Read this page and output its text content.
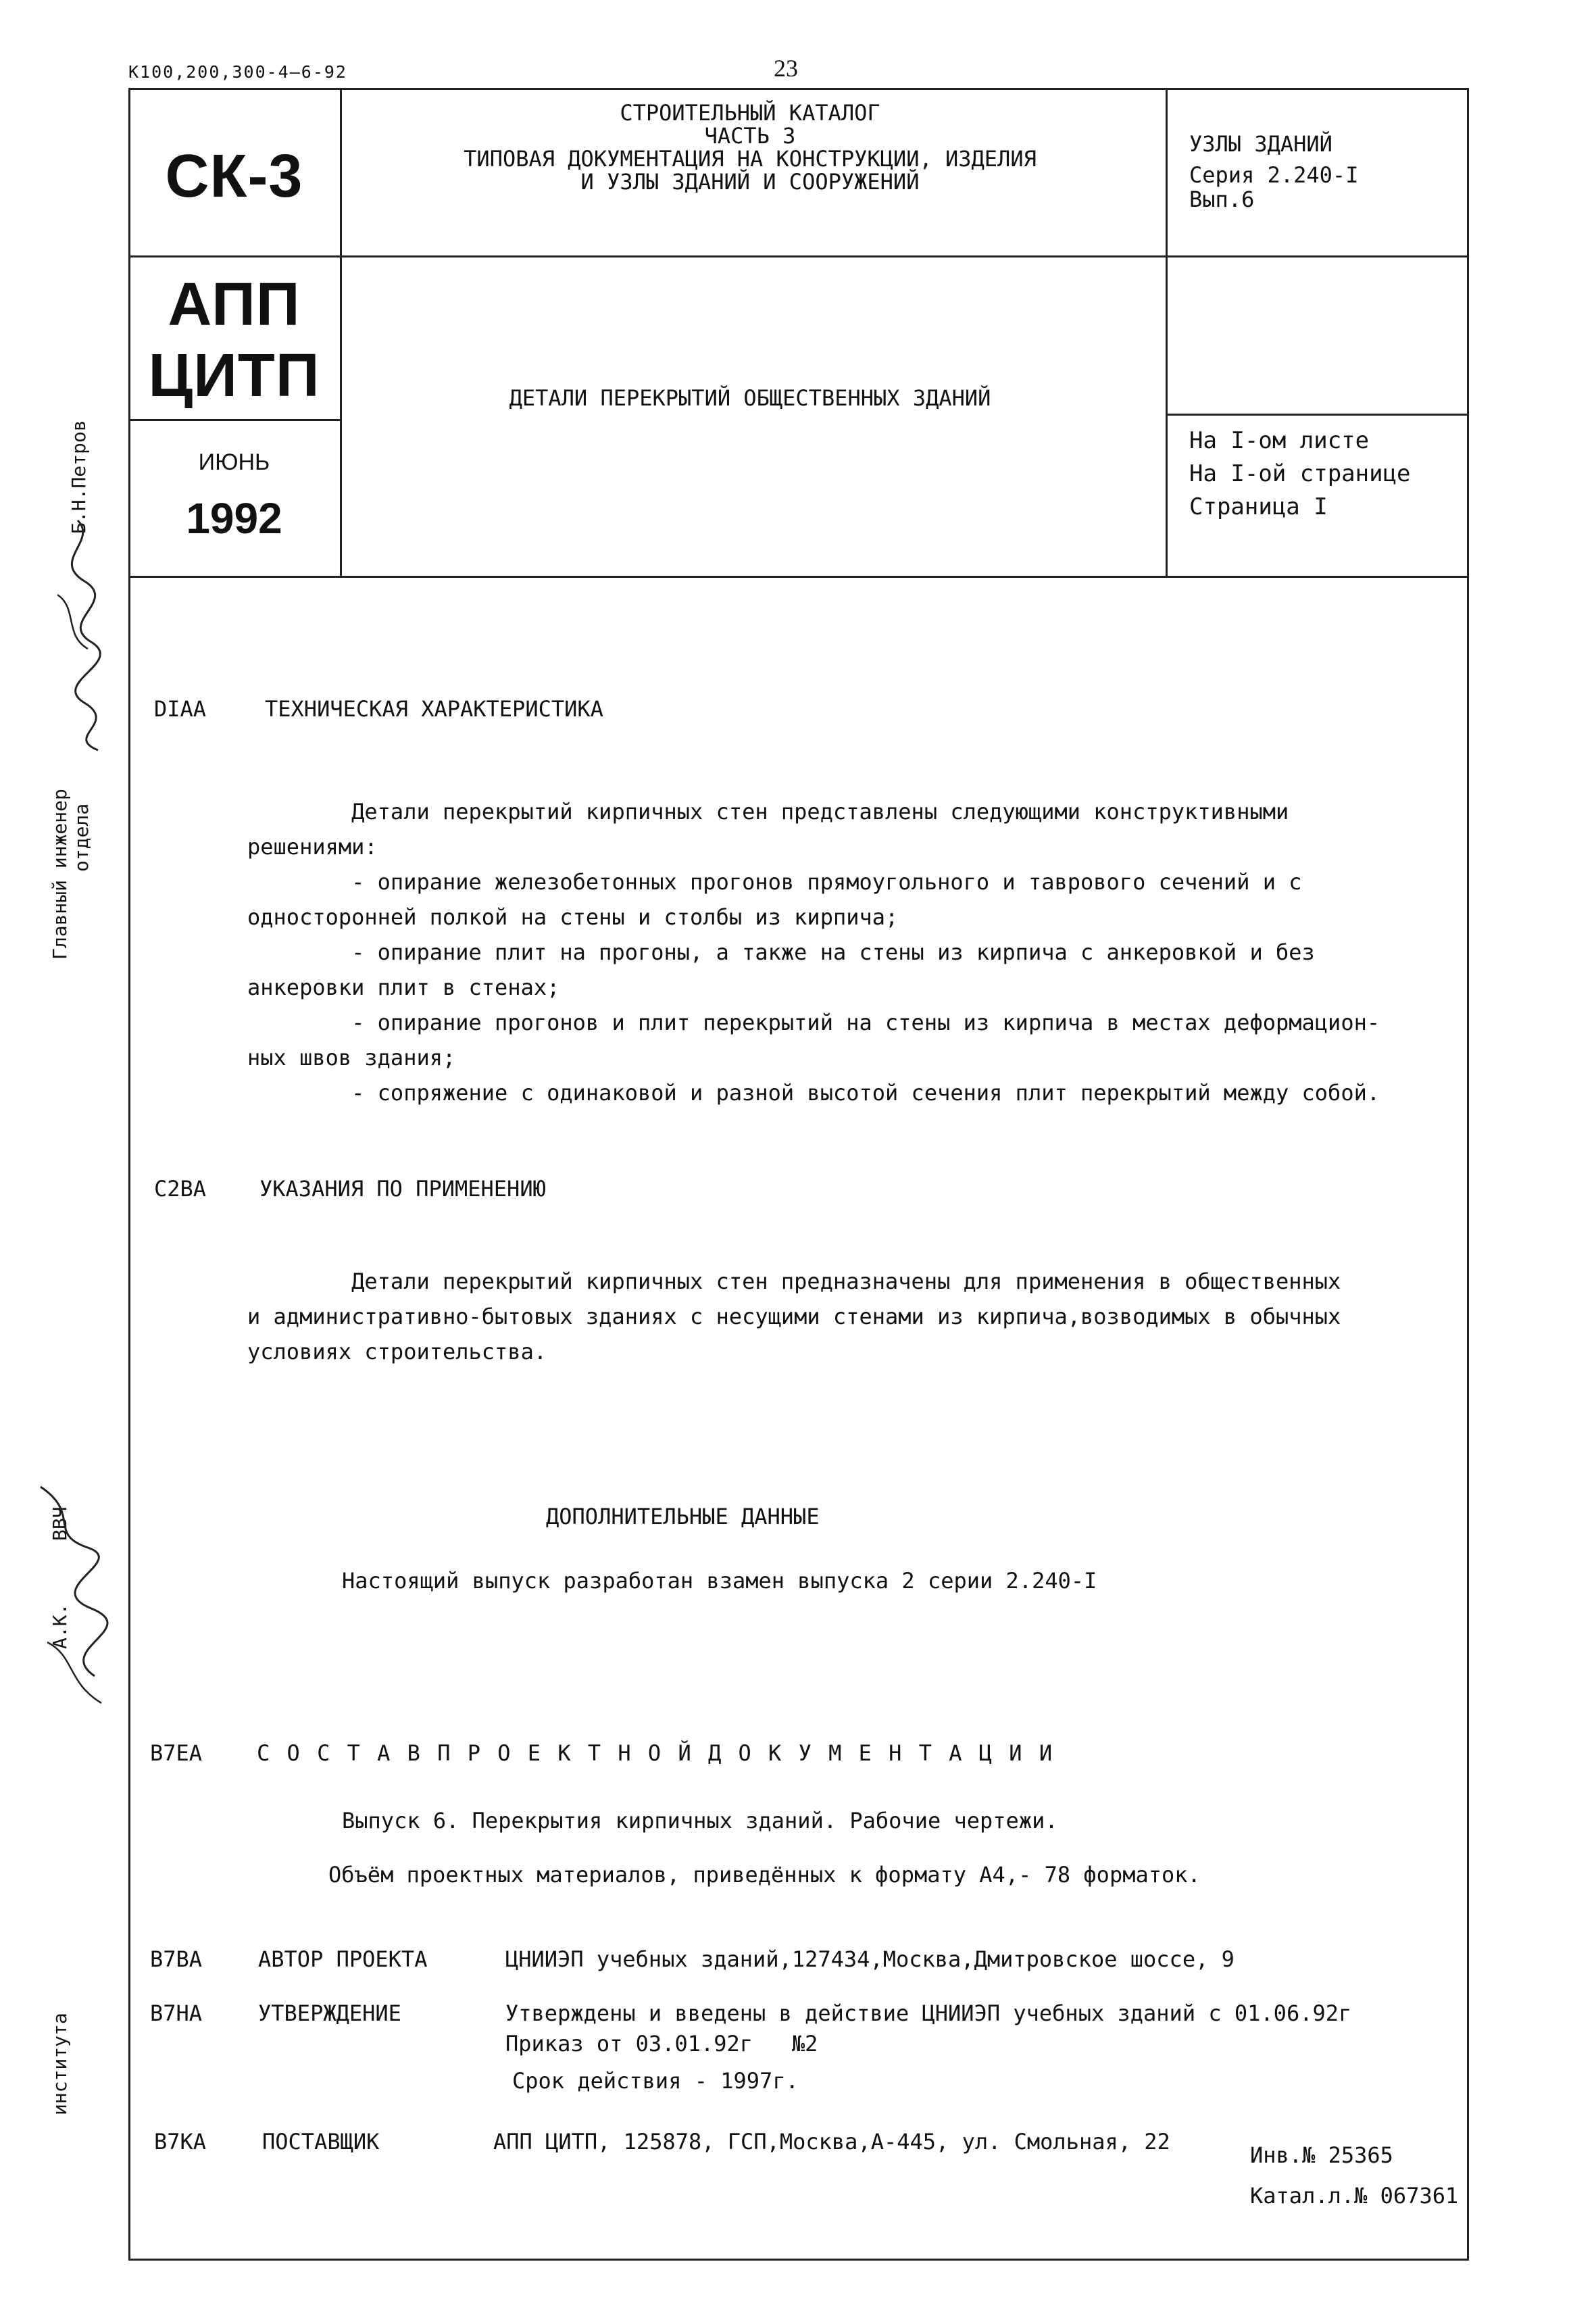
К100,200,300-4—6-92	23
СК-3
АПП
ЦИТП
ИЮНЬ
1992
СТРОИТЕЛЬНЫЙ КАТАЛОГ
ЧАСТЬ 3
ТИПОВАЯ ДОКУМЕНТАЦИЯ НА КОНСТРУКЦИИ, ИЗДЕЛИЯ
И УЗЛЫ ЗДАНИЙ И СООРУЖЕНИЙ
ДЕТАЛИ ПЕРЕКРЫТИЙ ОБЩЕСТВЕННЫХ ЗДАНИЙ
УЗЛЫ ЗДАНИЙ
Серия 2.240-I
Вып.6
На I-ом листе
На I-ой странице
Страница I
Главный инженер отдела
Б.Н.Петров
А.К.
ВВЧ
института
DIAA	ТЕХНИЧЕСКАЯ ХАРАКТЕРИСТИКА

Детали перекрытий кирпичных стен представлены следующими конструктивными
решениями:
- опирание железобетонных прогонов прямоугольного и таврового сечений и с
односторонней полкой на стены и столбы из кирпича;
- опирание плит на прогоны, а также на стены из кирпича с анкеровкой и без
анкеровки плит в стенах;
- опирание прогонов и плит перекрытий на стены из кирпича в местах деформацион-
ных швов здания;
- сопряжение с одинаковой и разной высотой сечения плит перекрытий между собой.

C2BA УКАЗАНИЯ ПО ПРИМЕНЕНИЮ

Детали перекрытий кирпичных стен предназначены для применения в общественных
и административно-бытовых зданиях с несущими стенами из кирпича,возводимых в обычных
условиях строительства.

ДОПОЛНИТЕЛЬНЫЕ ДАННЫЕ
Настоящий выпуск разработан взамен выпуска 2 серии 2.240-I
B7EA	С О С Т А В П Р О Е К Т Н О Й Д О К У М Е Н Т А Ц И И
Выпуск 6. Перекрытия кирпичных зданий. Рабочие чертежи.
Объём проектных материалов, приведённых к формату А4,- 78 форматок.
B7BA	АВТОР ПРОЕКТА	ЦНИИЭП учебных зданий,127434,Москва,Дмитровское шоссе, 9
B7HA	УТВЕРЖДЕНИЕ	Утверждены и введены в действие ЦНИИЭП учебных зданий с 01.06.92г
Приказ от 03.01.92г   №2
Срок действия - 1997г.
B7KA	ПОСТАВЩИК	АПП ЦИТП, 125878, ГСП,Москва,А-445, ул. Смольная, 22
Инв.№ 25365
Катал.л.№ 067361
